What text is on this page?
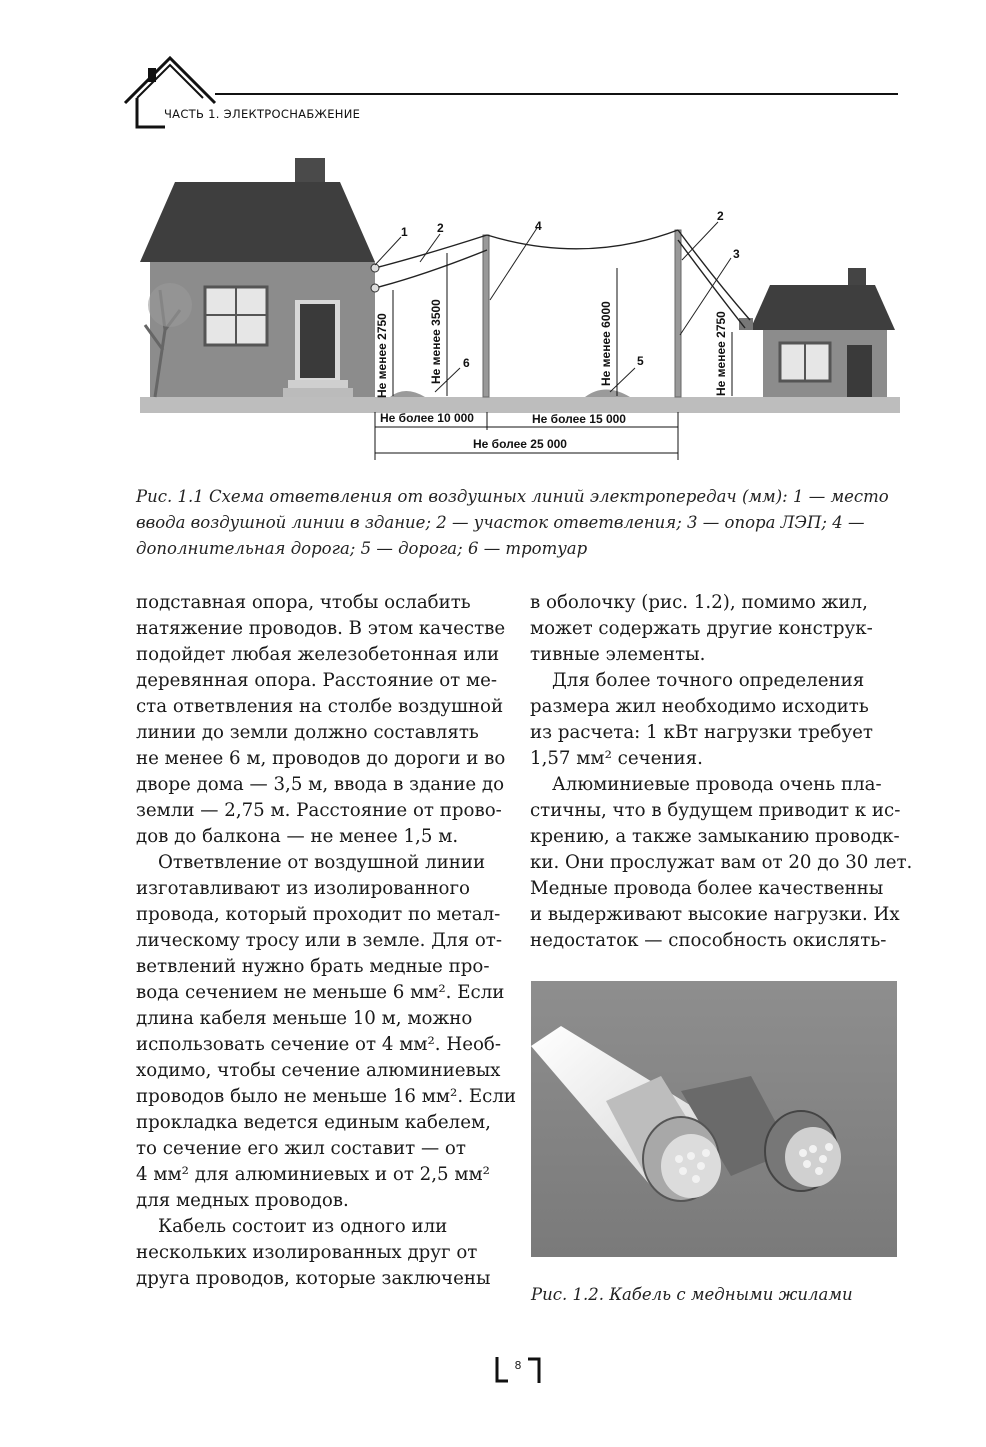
ЧАСТЬ 1. ЭЛЕКТРОСНАБЖЕНИЕ
1 2	4
2
3
6	5
Не менее 2750	Не менее 3500	Не менее 6000	Не менее 2750
Не более 10 000	Не более 15 000
Не более 25 000
Рис. 1.1 Схема ответвления от воздушных линий электропередач (мм): 1 — место ввода воздушной линии в здание; 2 — участок ответвления; 3 — опора ЛЭП; 4 — дополнительная дорога; 5 — дорога; 6 — тротуар
подставная опора, чтобы ослабить
натяжение проводов. В этом качестве
подойдет любая железобетонная или
деревянная опора. Расстояние от ме-
ста ответвления на столбе воздушной
линии до земли должно составлять
не менее 6 м, проводов до дороги и во
дворе дома — 3,5 м, ввода в здание до
земли — 2,75 м. Расстояние от прово-
дов до балкона — не менее 1,5 м.
Ответвление от воздушной линии
изготавливают из изолированного
провода, который проходит по метал-
лическому тросу или в земле. Для от-
ветвлений нужно брать медные про-
вода сечением не меньше 6 мм². Если
длина кабеля меньше 10 м, можно
использовать сечение от 4 мм². Необ-
ходимо, чтобы сечение алюминиевых
проводов было не меньше 16 мм². Если
прокладка ведется единым кабелем,
то сечение его жил составит — от
4 мм² для алюминиевых и от 2,5 мм²
для медных проводов.
Кабель состоит из одного или
нескольких изолированных друг от
друга проводов, которые заключены
в оболочку (рис. 1.2), помимо жил,
может содержать другие конструк-
тивные элементы.
Для более точного определения
размера жил необходимо исходить
из расчета: 1 кВт нагрузки требует
1,57 мм² сечения.
Алюминиевые провода очень пла-
стичны, что в будущем приводит к ис-
крению, а также замыканию проводк-
ки. Они прослужат вам от 20 до 30 лет.
Медные провода более качественны
и выдерживают высокие нагрузки. Их
недостаток — способность окислять-
Рис. 1.2. Кабель с медными жилами
8
